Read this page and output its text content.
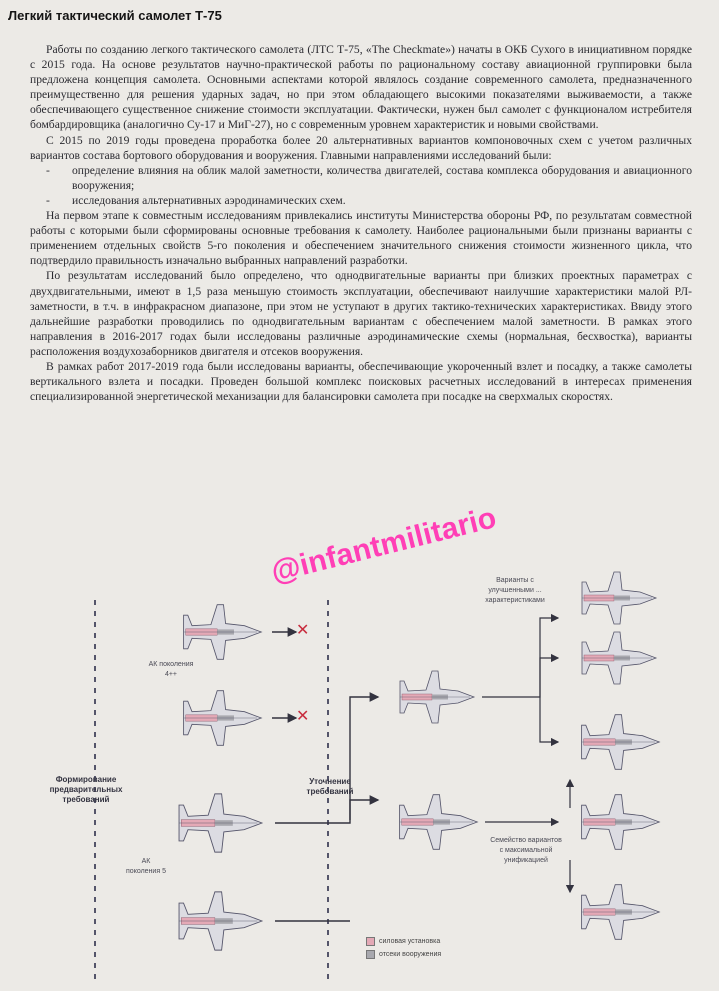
Легкий тактический самолет Т-75

Работы по созданию легкого тактического самолета (ЛТС Т-75, «The Checkmate») начаты в ОКБ Сухого в инициативном порядке с 2015 года. На основе результатов научно-практической работы по рациональному составу авиационной группировки была предложена концепция самолета. Основными аспектами которой являлось создание современного самолета, предназначенного преимущественно для решения ударных задач, но при этом обладающего высокими показателями выживаемости, а также обеспечивающего существенное снижение стоимости эксплуатации. Фактически, нужен был самолет с функционалом истребителя бомбардировщика (аналогично Су-17 и МиГ-27), но с современным уровнем характеристик и новыми свойствами.

С 2015 по 2019 годы проведена проработка более 20 альтернативных вариантов компоновочных схем с учетом различных вариантов состава бортового оборудования и вооружения. Главными направлениями исследований были:

- определение влияния на облик малой заметности, количества двигателей, состава комплекса оборудования и авиационного вооружения;
- исследования альтернативных аэродинамических схем.

На первом этапе к совместным исследованиям привлекались институты Министерства обороны РФ, по результатам совместной работы с которыми были сформированы основные требования к самолету. Наиболее рациональными были признаны варианты с применением отдельных свойств 5-го поколения и обеспечением значительного снижения стоимости жизненного цикла, что подтвердило правильность изначально выбранных направлений разработки.

По результатам исследований было определено, что однодвигательные варианты при близких проектных параметрах с двухдвигательными, имеют в 1,5 раза меньшую стоимость эксплуатации, обеспечивают наилучшие характеристики малой РЛ-заметности, в т.ч. в инфракрасном диапазоне, при этом не уступают в других тактико-технических характеристиках. Ввиду этого дальнейшие разработки проводились по однодвигательным вариантам с обеспечением малой заметности. В рамках этого направления в 2016-2017 годах были исследованы различные аэродинамические схемы (нормальная, бесхвостка), варианты расположения воздухозаборников двигателя и отсеков вооружения.

В рамках работ 2017-2019 года были исследованы варианты, обеспечивающие укороченный взлет и посадку, а также самолеты вертикального взлета и посадки. Проведен большой комплекс поисковых расчетных исследований в интересах применения специализированной энергетической механизации для балансировки самолета при посадке на сверхмалых скоростях.

✕
✕
АК поколения 4++
АК поколения 5
Формирование предварительных требований
Уточнение требований
Варианты с улучшенными ... характеристиками
Семейство вариантов с максимальной унификацией
силовая установка
отсеки вооружения
@infantmilitario
